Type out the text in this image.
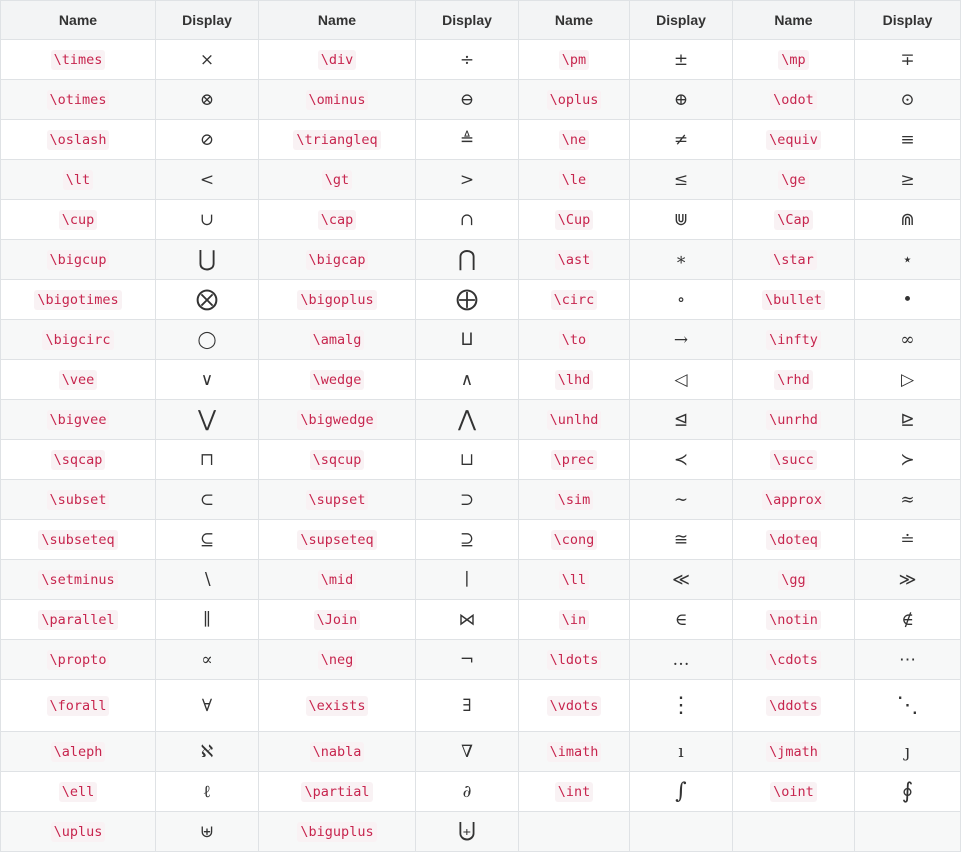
Name	Display	Name	Display	Name	Display	Name	Display
\times	×	\div	÷	\pm	±	\mp	∓
\otimes	⊗	\ominus	⊖	\oplus	⊕	\odot	⊙
\oslash	⊘	\triangleq	≜	\ne	≠	\equiv	≡
\lt	<	\gt	>	\le	≤	\ge	≥
\cup	∪	\cap	∩	\Cup	⋓	\Cap	⋒
\bigcup	⋃	\bigcap	⋂	\ast	∗	\star	⋆
\bigotimes	⨂	\bigoplus	⨁	\circ	∘	\bullet	•
\bigcirc	◯	\amalg	⨿	\to	→	\infty	∞
\vee	∨	\wedge	∧	\lhd	◁	\rhd	▷
\bigvee	⋁	\bigwedge	⋀	\unlhd	⊴	\unrhd	⊵
\sqcap	⊓	\sqcup	⊔	\prec	≺	\succ	≻
\subset	⊂	\supset	⊃	\sim	∼	\approx	≈
\subseteq	⊆	\supseteq	⊇	\cong	≅	\doteq	≐
\setminus	∖	\mid	∣	\ll	≪	\gg	≫
\parallel	∥	\Join	⋈	\in	∈	\notin	∉
\propto	∝	\neg	¬	\ldots	…	\cdots	⋯
\forall	∀	\exists	∃	\vdots	⋮	\ddots	⋱
\aleph	ℵ	\nabla	∇	\imath	ı	\jmath	ȷ
\ell	ℓ	\partial	∂	\int	∫	\oint	∮
\uplus	⊎	\biguplus	⨄				
